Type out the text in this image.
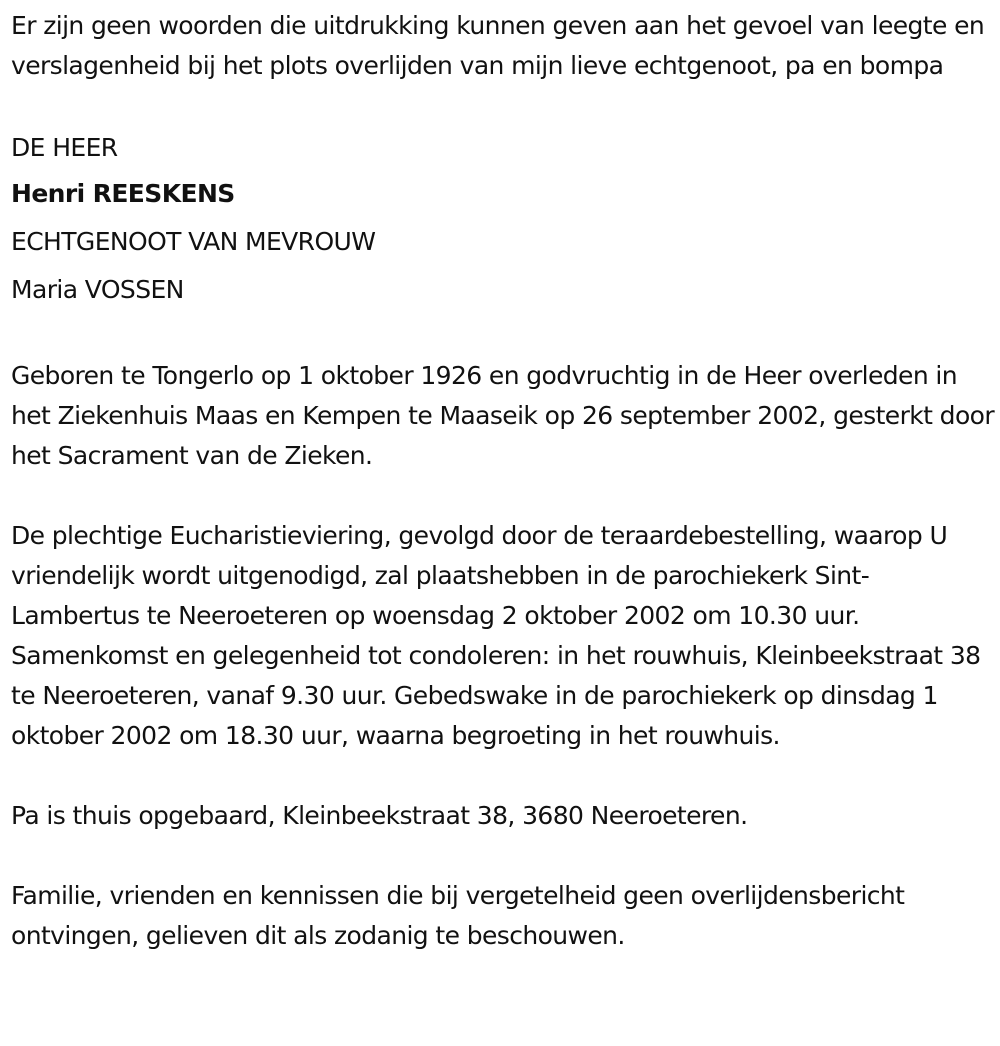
Er zijn geen woorden die uitdrukking kunnen geven aan het gevoel van leegte en verslagenheid bij het plots overlijden van mijn lieve echtgenoot, pa en bompa

DE HEER

Henri REESKENS

ECHTGENOOT VAN MEVROUW

Maria VOSSEN

Geboren te Tongerlo op 1 oktober 1926 en godvruchtig in de Heer overleden in het Ziekenhuis Maas en Kempen te Maaseik op 26 september 2002, gesterkt door het Sacrament van de Zieken.

De plechtige Eucharistieviering, gevolgd door de teraardebestelling, waarop U vriendelijk wordt uitgenodigd, zal plaatshebben in de parochiekerk Sint-Lambertus te Neeroeteren op woensdag 2 oktober 2002 om 10.30 uur. Samenkomst en gelegenheid tot condoleren: in het rouwhuis, Kleinbeekstraat 38 te Neeroeteren, vanaf 9.30 uur. Gebedswake in de parochiekerk op dinsdag 1 oktober 2002 om 18.30 uur, waarna begroeting in het rouwhuis.

Pa is thuis opgebaard, Kleinbeekstraat 38, 3680 Neeroeteren.

Familie, vrienden en kennissen die bij vergetelheid geen overlijdensbericht ontvingen, gelieven dit als zodanig te beschouwen.
